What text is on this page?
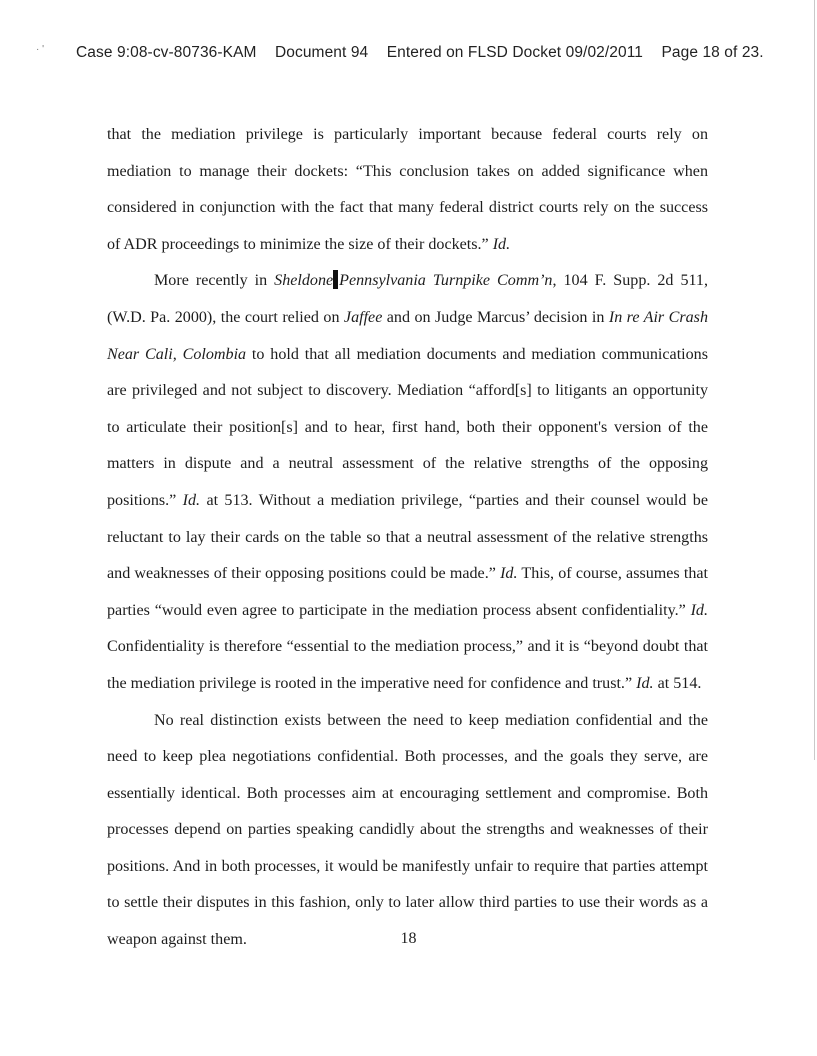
· ' Case 9:08-cv-80736-KAM Document 94 Entered on FLSD Docket 09/02/2011 Page 18 of 23.

that the mediation privilege is particularly important because federal courts rely on mediation to manage their dockets: “This conclusion takes on added significance when considered in conjunction with the fact that many federal district courts rely on the success of ADR proceedings to minimize the size of their dockets.” Id.

More recently in Sheldone Pennsylvania Turnpike Comm’n, 104 F. Supp. 2d 511, (W.D. Pa. 2000), the court relied on Jaffee and on Judge Marcus’ decision in In re Air Crash Near Cali, Colombia to hold that all mediation documents and mediation communications are privileged and not subject to discovery. Mediation “afford[s] to litigants an opportunity to articulate their position[s] and to hear, first hand, both their opponent's version of the matters in dispute and a neutral assessment of the relative strengths of the opposing positions.” Id. at 513. Without a mediation privilege, “parties and their counsel would be reluctant to lay their cards on the table so that a neutral assessment of the relative strengths and weaknesses of their opposing positions could be made.” Id. This, of course, assumes that parties “would even agree to participate in the mediation process absent confidentiality.” Id. Confidentiality is therefore “essential to the mediation process,” and it is “beyond doubt that the mediation privilege is rooted in the imperative need for confidence and trust.” Id. at 514.

No real distinction exists between the need to keep mediation confidential and the need to keep plea negotiations confidential. Both processes, and the goals they serve, are essentially identical. Both processes aim at encouraging settlement and compromise. Both processes depend on parties speaking candidly about the strengths and weaknesses of their positions. And in both processes, it would be manifestly unfair to require that parties attempt to settle their disputes in this fashion, only to later allow third parties to use their words as a weapon against them.	18
